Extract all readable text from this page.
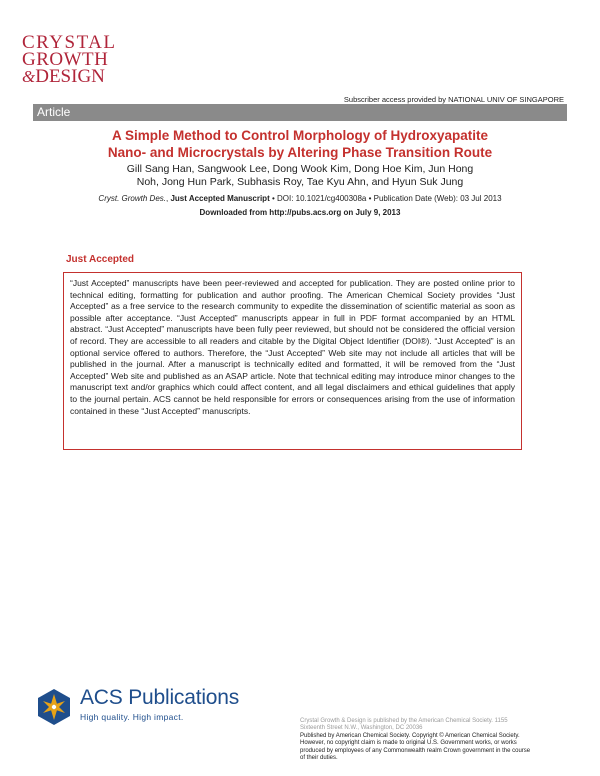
CRYSTAL
GROWTH
&DESIGN
Subscriber access provided by NATIONAL UNIV OF SINGAPORE
Article
A Simple Method to Control Morphology of Hydroxyapatite
Nano- and Microcrystals by Altering Phase Transition Route
Gill Sang Han, Sangwook Lee, Dong Wook Kim, Dong Hoe Kim, Jun Hong
Noh, Jong Hun Park, Subhasis Roy, Tae Kyu Ahn, and Hyun Suk Jung
Cryst. Growth Des., Just Accepted Manuscript • DOI: 10.1021/cg400308a • Publication Date (Web): 03 Jul 2013
Downloaded from http://pubs.acs.org on July 9, 2013
Just Accepted
“Just Accepted” manuscripts have been peer-reviewed and accepted for publication. They are posted online prior to technical editing, formatting for publication and author proofing. The American Chemical Society provides “Just Accepted” as a free service to the research community to expedite the dissemination of scientific material as soon as possible after acceptance. “Just Accepted” manuscripts appear in full in PDF format accompanied by an HTML abstract. “Just Accepted” manuscripts have been fully peer reviewed, but should not be considered the official version of record. They are accessible to all readers and citable by the Digital Object Identifier (DOI®). “Just Accepted” is an optional service offered to authors. Therefore, the “Just Accepted” Web site may not include all articles that will be published in the journal. After a manuscript is technically edited and formatted, it will be removed from the “Just Accepted” Web site and published as an ASAP article. Note that technical editing may introduce minor changes to the manuscript text and/or graphics which could affect content, and all legal disclaimers and ethical guidelines that apply to the journal pertain. ACS cannot be held responsible for errors or consequences arising from the use of information contained in these “Just Accepted” manuscripts.
ACS Publications
High quality. High impact.	Crystal Growth & Design is published by the American Chemical Society. 1155
Sixteenth Street N.W., Washington, DC 20036
Published by American Chemical Society. Copyright © American Chemical Society.
However, no copyright claim is made to original U.S. Government works, or works
produced by employees of any Commonwealth realm Crown government in the course
of their duties.
